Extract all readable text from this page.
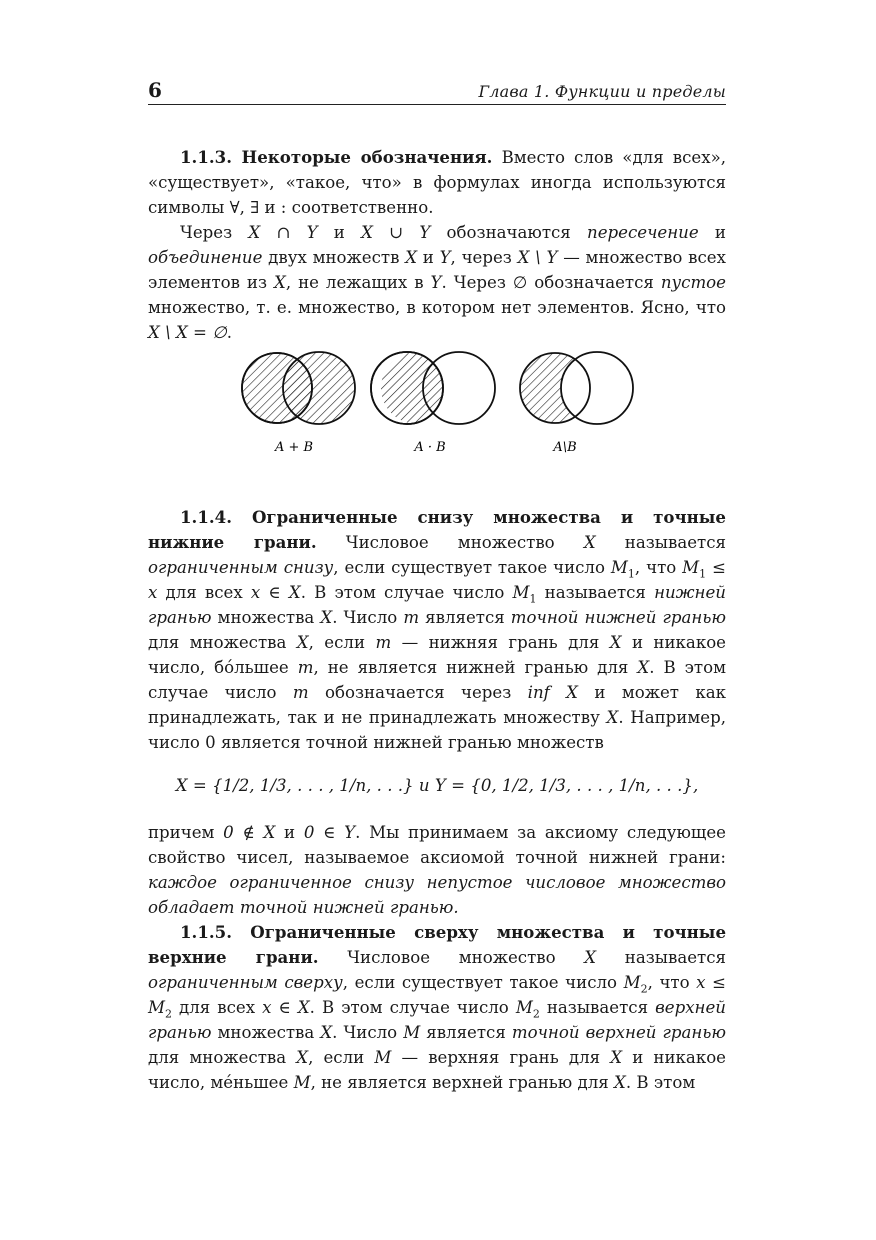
6	Глава 1. Функции и пределы

1.1.3. Некоторые обозначения. Вместо слов «для всех», «существует», «такое, что» в формулах иногда используются символы ∀, ∃ и : соответственно.

Через X ∩ Y и X ∪ Y обозначаются пересечение и объединение двух множеств X и Y, через X \ Y — множество всех элементов из X, не лежащих в Y. Через ∅ обозначается пустое множество, т. е. множество, в котором нет элементов. Ясно, что X \ X = ∅.

A + B	A · B	A\B

1.1.4. Ограниченные снизу множества и точные нижние грани. Числовое множество X называется ограниченным снизу, если существует такое число $M_1$, что $M_1 \le x$ для всех x ∈ X. В этом случае число $M_1$ называется нижней гранью множества X. Число m является точной нижней гранью для множества X, если m — нижняя грань для X и никакое число, бóльшее m, не является нижней гранью для X. В этом случае число m обозначается через inf X и может как принадлежать, так и не принадлежать множеству X. Например, число 0 является точной нижней гранью множеств

X = {1/2, 1/3, . . . , 1/n, . . .} и Y = {0, 1/2, 1/3, . . . , 1/n, . . .},

причем 0 ∉ X и 0 ∈ Y. Мы принимаем за аксиому следующее свойство чисел, называемое аксиомой точной нижней грани: каждое ограниченное снизу непустое числовое множество обладает точной нижней гранью.

1.1.5. Ограниченные сверху множества и точные верхние грани. Числовое множество X называется ограниченным сверху, если существует такое число $M_2$, что $x \le M_2$ для всех x ∈ X. В этом случае число $M_2$ называется верхней гранью множества X. Число M является точной верхней гранью для множества X, если M — верхняя грань для X и никакое число, мéньшее M, не является верхней гранью для X. В этом
